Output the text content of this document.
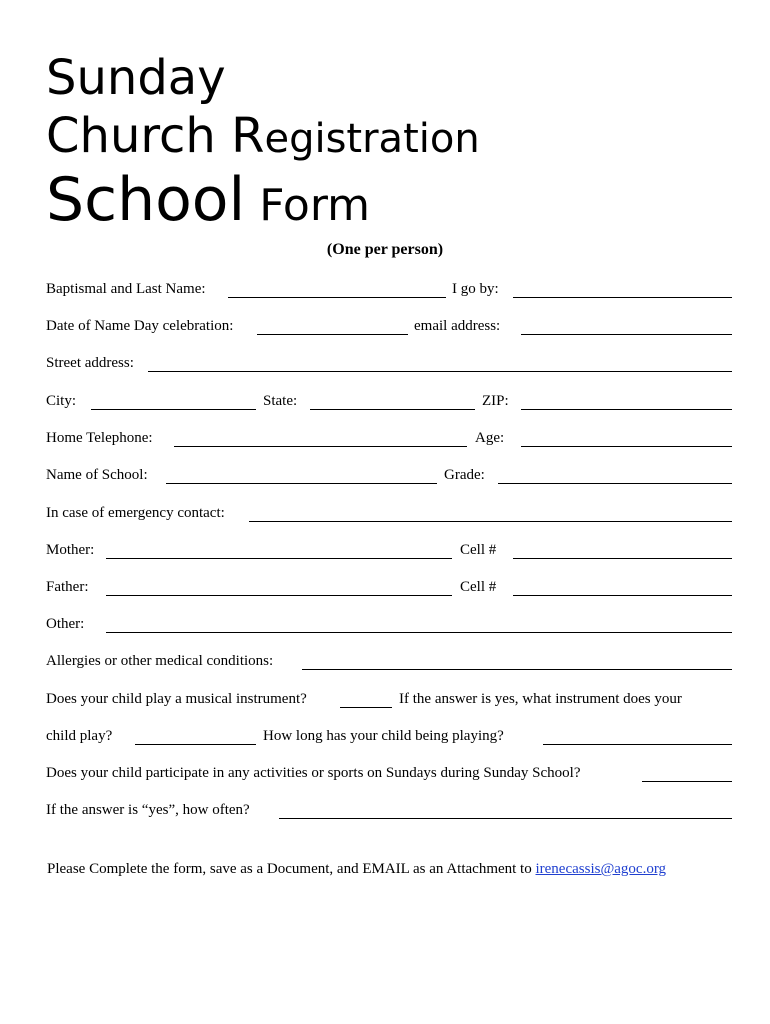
Sunday
Church Registration
School Form
(One per person)
Baptismal and Last Name:	I go by:
Date of Name Day celebration:	email address:
Street address:
City:	State:	ZIP:
Home Telephone:	Age:
Name of School:	Grade:
In case of emergency contact:
Mother:	Cell #
Father:	Cell #
Other:
Allergies or other medical conditions:
Does your child play a musical instrument?	If the answer is yes, what instrument does your
child play?	How long has your child being playing?
Does your child participate in any activities or sports on Sundays during Sunday School?
If the answer is “yes”, how often?
Please Complete the form, save as a Document, and EMAIL as an Attachment to irenecassis@agoc.org
